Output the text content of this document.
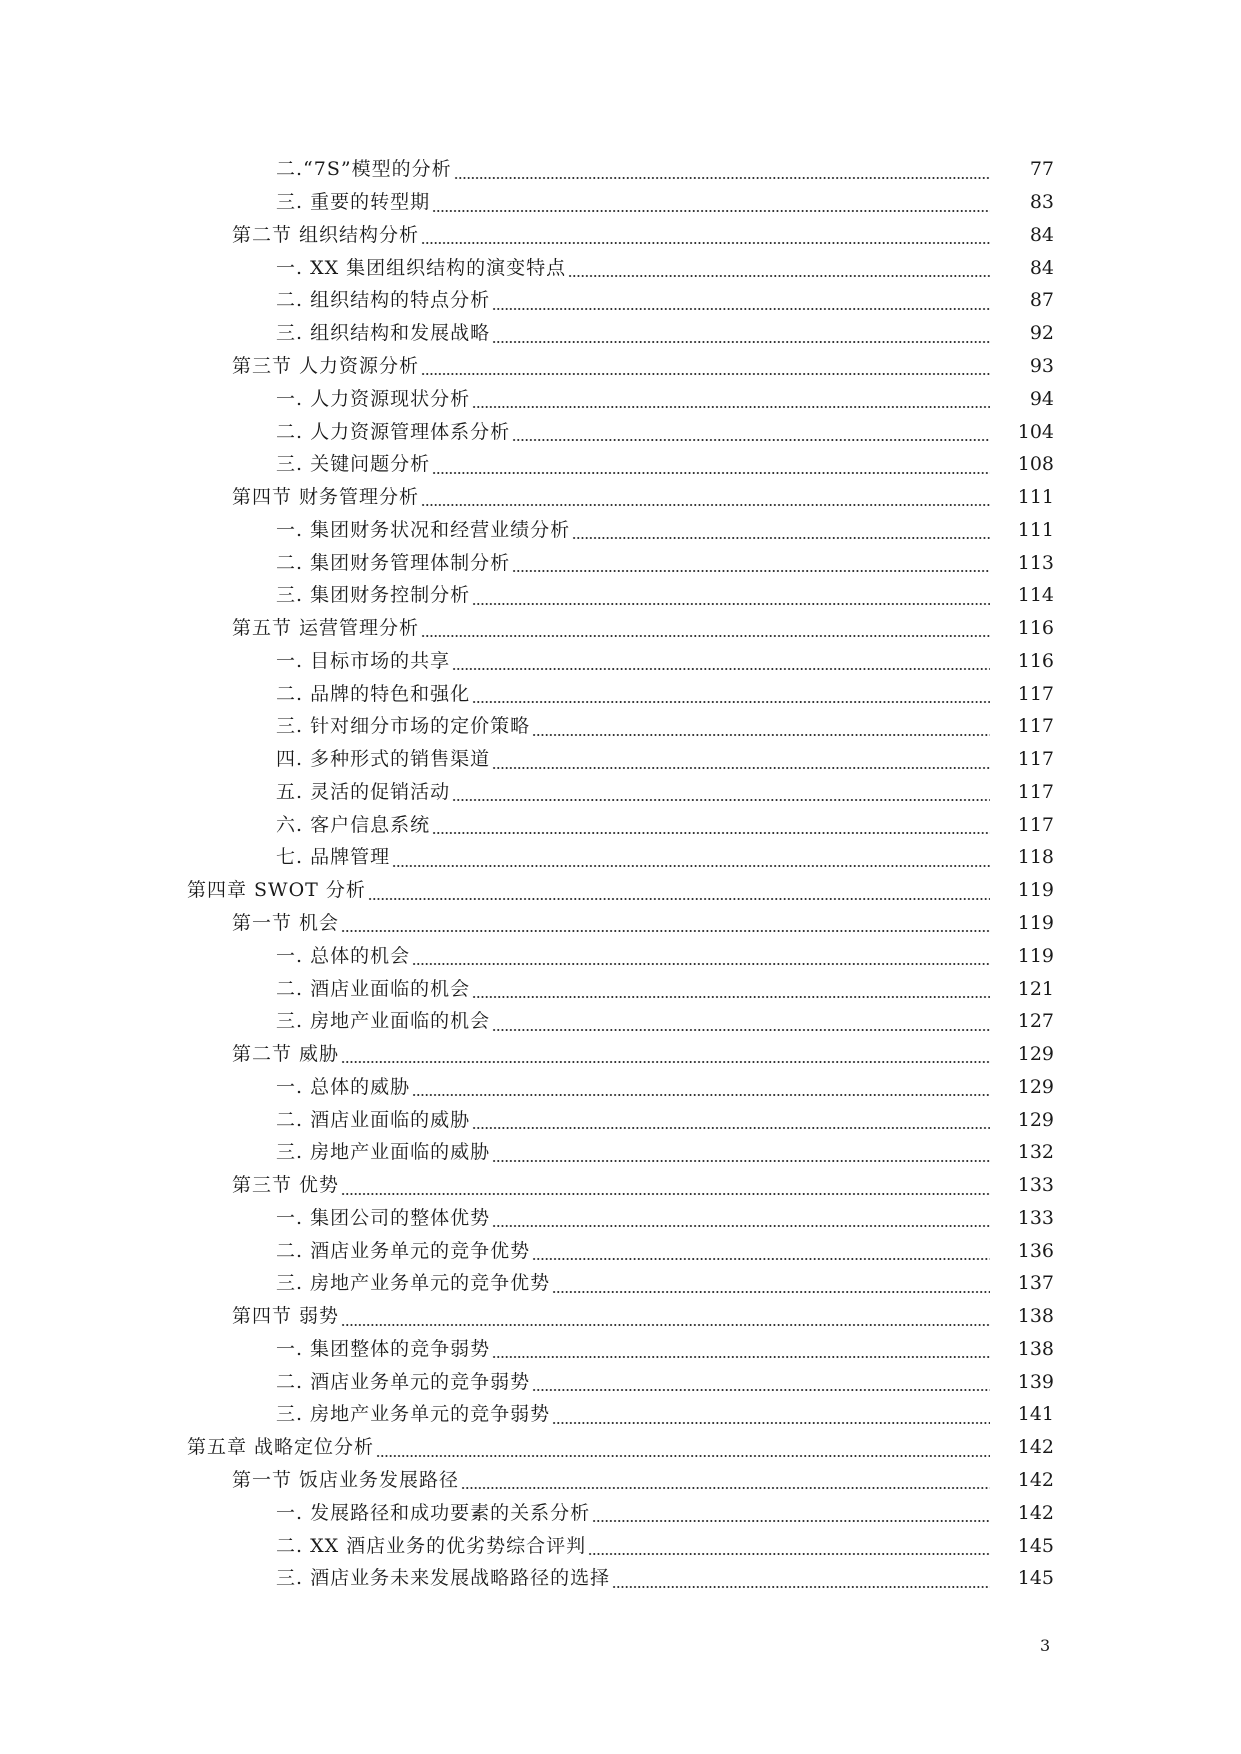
二.“7S”模型的分析	77
三. 重要的转型期	83
第二节 组织结构分析	84
一. XX 集团组织结构的演变特点	84
二. 组织结构的特点分析	87
三. 组织结构和发展战略	92
第三节 人力资源分析	93
一. 人力资源现状分析	94
二. 人力资源管理体系分析	104
三. 关键问题分析	108
第四节 财务管理分析	111
一. 集团财务状况和经营业绩分析	111
二. 集团财务管理体制分析	113
三. 集团财务控制分析	114
第五节 运营管理分析	116
一. 目标市场的共享	116
二. 品牌的特色和强化	117
三. 针对细分市场的定价策略	117
四. 多种形式的销售渠道	117
五. 灵活的促销活动	117
六. 客户信息系统	117
七. 品牌管理	118
第四章 SWOT 分析	119
第一节 机会	119
一. 总体的机会	119
二. 酒店业面临的机会	121
三. 房地产业面临的机会	127
第二节 威胁	129
一. 总体的威胁	129
二. 酒店业面临的威胁	129
三. 房地产业面临的威胁	132
第三节 优势	133
一. 集团公司的整体优势	133
二. 酒店业务单元的竞争优势	136
三. 房地产业务单元的竞争优势	137
第四节 弱势	138
一. 集团整体的竞争弱势	138
二. 酒店业务单元的竞争弱势	139
三. 房地产业务单元的竞争弱势	141
第五章 战略定位分析	142
第一节 饭店业务发展路径	142
一. 发展路径和成功要素的关系分析	142
二. XX 酒店业务的优劣势综合评判	145
三. 酒店业务未来发展战略路径的选择	145
3
